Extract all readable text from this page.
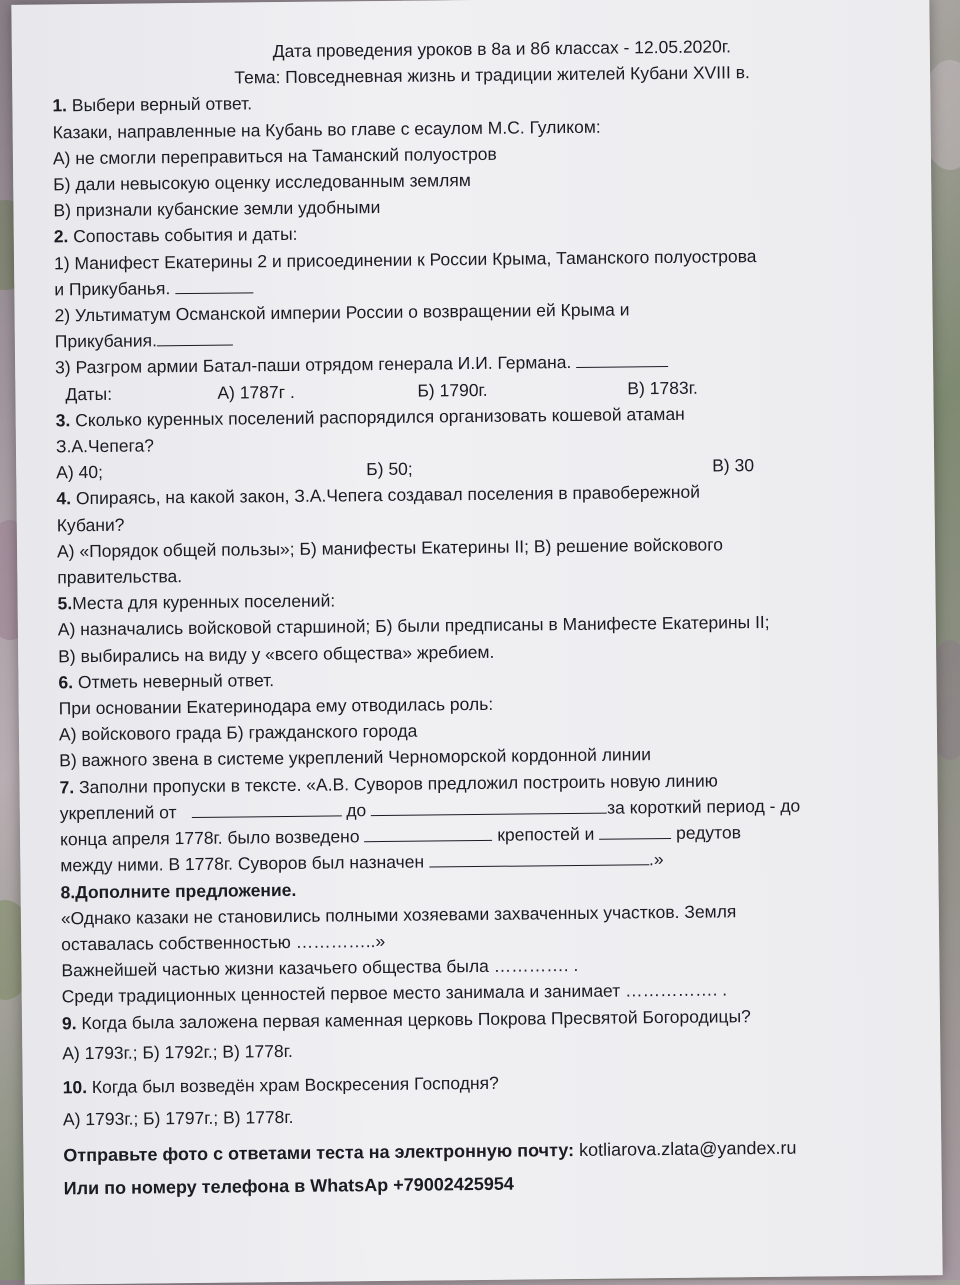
Дата проведения уроков в 8а и 8б классах - 12.05.2020г.
Тема: Повседневная жизнь и традиции жителей Кубани XVIII в.
1. Выбери верный ответ.
Казаки, направленные на Кубань во главе с есаулом М.С. Гуликом:
А) не смогли переправиться на Таманский полуостров
Б) дали невысокую оценку исследованным землям
В) признали кубанские земли удобными
2. Сопоставь события и даты:
1) Манифест Екатерины 2 и присоединении к России Крыма, Таманского полуострова
и Прикубанья.
2) Ультиматум Османской империи России о возвращении ей Крыма и
Прикубания.
3) Разгром армии Батал-паши отрядом генерала И.И. Германа.
Даты:	А) 1787г .	Б) 1790г.	В) 1783г.
3. Сколько куренных поселений распорядился организовать кошевой атаман
З.А.Чепега?
А) 40;	Б) 50;	В) 30
4. Опираясь, на какой закон, З.А.Чепега создавал поселения в правобережной
Кубани?
А) «Порядок общей пользы»; Б) манифесты Екатерины II; В) решение войскового
правительства.
5.Места для куренных поселений:
А) назначались войсковой старшиной; Б) были предписаны в Манифесте Екатерины II;
В) выбирались на виду у «всего общества» жребием.
6. Отметь неверный ответ.
При основании Екатеринодара ему отводилась роль:
А) войскового града Б) гражданского города
В) важного звена в системе укреплений Черноморской кордонной линии
7. Заполни пропуски в тексте. «А.В. Суворов предложил построить новую линию
укреплений от	до	за короткий период - до
конца апреля 1778г. было возведено	крепостей и	редутов
между ними. В 1778г. Суворов был назначен	.»
8.Дополните предложение.
«Однако казаки не становились полными хозяевами захваченных участков. Земля
оставалась собственностью …………..»
Важнейшей частью жизни казачьего общества была …………. .
Среди традиционных ценностей первое место занимала и занимает ……………. .
9. Когда была заложена первая каменная церковь Покрова Пресвятой Богородицы?
А) 1793г.; Б) 1792г.; В) 1778г.
10. Когда был возведён храм Воскресения Господня?
А) 1793г.; Б) 1797г.; В) 1778г.
Отправьте фото с ответами теста на электронную почту: kotliarova.zlata@yandex.ru
Или по номеру телефона в WhatsAp +79002425954
